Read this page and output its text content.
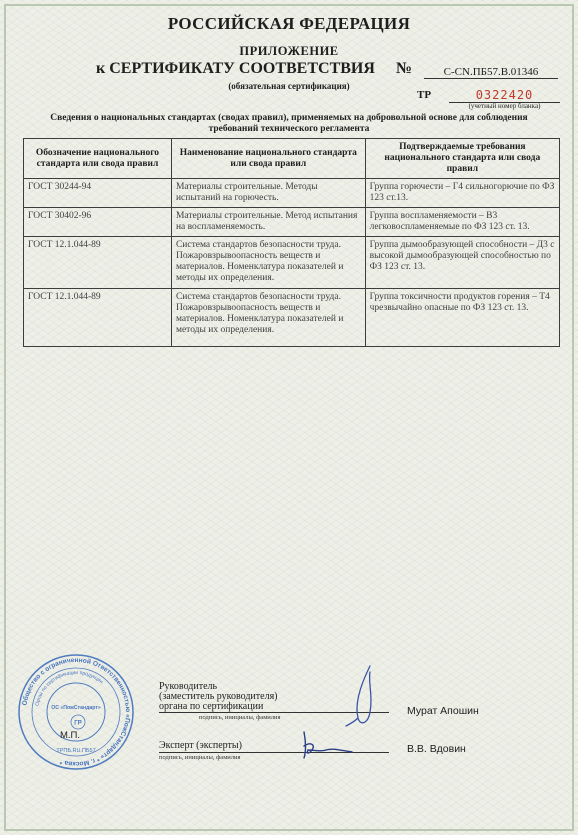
РОССИЙСКАЯ ФЕДЕРАЦИЯ
ПРИЛОЖЕНИЕ
к СЕРТИФИКАТУ СООТВЕТСТВИЯ №	С-CN.ПБ57.В.01346
(обязательная сертификация)
ТР	0322420
(учетный номер бланка)
Сведения о национальных стандартах (сводах правил), применяемых на добровольной основе для соблюдения требований технического регламента
Обозначение национального стандарта или свода правил	Наименование национального стандарта или свода правил	Подтверждаемые требования национального стандарта или свода правил
ГОСТ 30244-94	Материалы строительные. Методы испытаний на горючесть.	Группа горючести – Г4 сильногорючие по ФЗ 123 ст.13.
ГОСТ 30402-96	Материалы строительные. Метод испытания на воспламеняемость.	Группа воспламеняемости – В3 легковоспламеняемые по ФЗ 123 ст. 13.
ГОСТ 12.1.044-89	Система стандартов безопасности труда. Пожаровзрывоопасность веществ и материалов. Номенклатура показателей и методы их определения.	Группа дымообразующей способности – Д3 с высокой дымообразующей способностью по ФЗ 123 ст. 13.
ГОСТ 12.1.044-89	Система стандартов безопасности труда. Пожаровзрывоопасность веществ и материалов. Номенклатура показателей и методы их определения.	Группа токсичности продуктов горения – Т4 чрезвычайно опасные по ФЗ 123 ст. 13.
Общество с ограниченной Ответственностью «ПожСтандарт» * г. Москва *
Орган по сертификации продукции
ОС «ПожСтандарт»
ГР
ТРПБ.RU.ПБ57
М.П.
Руководитель
(заместитель руководителя)
органа по сертификации
подпись, инициалы, фамилия
Мурат Апошин
Эксперт (эксперты)
подпись, инициалы, фамилия
В.В. Вдовин
